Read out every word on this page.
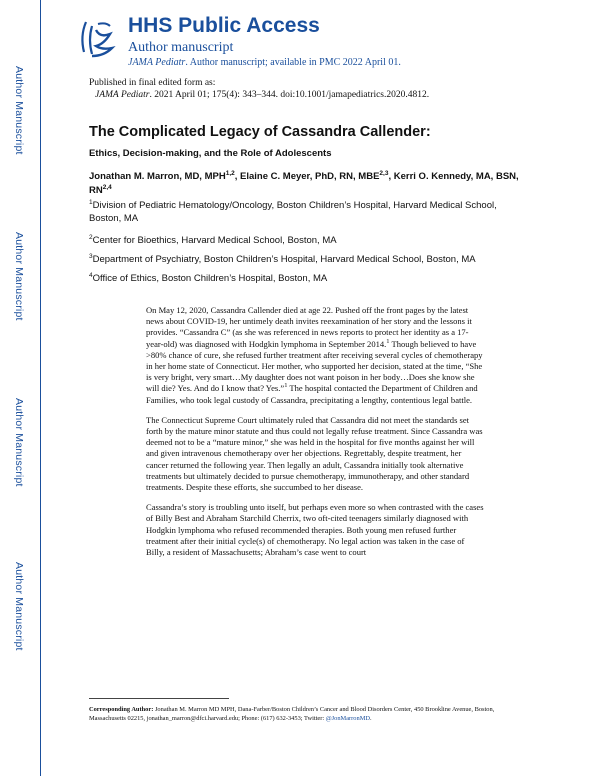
Author Manuscript
Author Manuscript
Author Manuscript
Author Manuscript
HHS Public Access
Author manuscript
JAMA Pediatr. Author manuscript; available in PMC 2022 April 01.
Published in final edited form as:
JAMA Pediatr. 2021 April 01; 175(4): 343–344. doi:10.1001/jamapediatrics.2020.4812.
The Complicated Legacy of Cassandra Callender:
Ethics, Decision-making, and the Role of Adolescents
Jonathan M. Marron, MD, MPH$^{1,2}$, Elaine C. Meyer, PhD, RN, MBE$^{2,3}$, Kerri O. Kennedy, MA, BSN, RN$^{2,4}$
$^1$Division of Pediatric Hematology/Oncology, Boston Children’s Hospital, Harvard Medical School, Boston, MA
$^2$Center for Bioethics, Harvard Medical School, Boston, MA
$^3$Department of Psychiatry, Boston Children’s Hospital, Harvard Medical School, Boston, MA
$^4$Office of Ethics, Boston Children’s Hospital, Boston, MA

On May 12, 2020, Cassandra Callender died at age 22. Pushed off the front pages by the latest news about COVID-19, her untimely death invites reexamination of her story and the lessons it provides. “Cassandra C” (as she was referenced in news reports to protect her identity as a 17-year-old) was diagnosed with Hodgkin lymphoma in September 2014.$^1$ Though believed to have >80% chance of cure, she refused further treatment after receiving several cycles of chemotherapy in her home state of Connecticut. Her mother, who supported her decision, stated at the time, “She is very bright, very smart…My daughter does not want poison in her body…Does she know she will die? Yes. And do I know that? Yes.”$^1$ The hospital contacted the Department of Children and Families, who took legal custody of Cassandra, precipitating a lengthy, contentious legal battle.

The Connecticut Supreme Court ultimately ruled that Cassandra did not meet the standards set forth by the mature minor statute and thus could not legally refuse treatment. Since Cassandra was deemed not to be a “mature minor,” she was held in the hospital for five months against her will and given intravenous chemotherapy over her objections. Regrettably, despite treatment, her cancer returned the following year. Then legally an adult, Cassandra initially took alternative treatments but ultimately decided to pursue chemotherapy, immunotherapy, and other standard treatments. Despite these efforts, she succumbed to her disease.

Cassandra’s story is troubling unto itself, but perhaps even more so when contrasted with the cases of Billy Best and Abraham Starchild Cherrix, two oft-cited teenagers similarly diagnosed with Hodgkin lymphoma who refused recommended therapies. Both young men refused further treatment after their initial cycle(s) of chemotherapy. No legal action was taken in the case of Billy, a resident of Massachusetts; Abraham’s case went to court

Corresponding Author: Jonathan M. Marron MD MPH, Dana-Farber/Boston Children’s Cancer and Blood Disorders Center, 450 Brookline Avenue, Boston, Massachusetts 02215, jonathan_marron@dfci.harvard.edu; Phone: (617) 632-3453; Twitter: @JonMarronMD.
